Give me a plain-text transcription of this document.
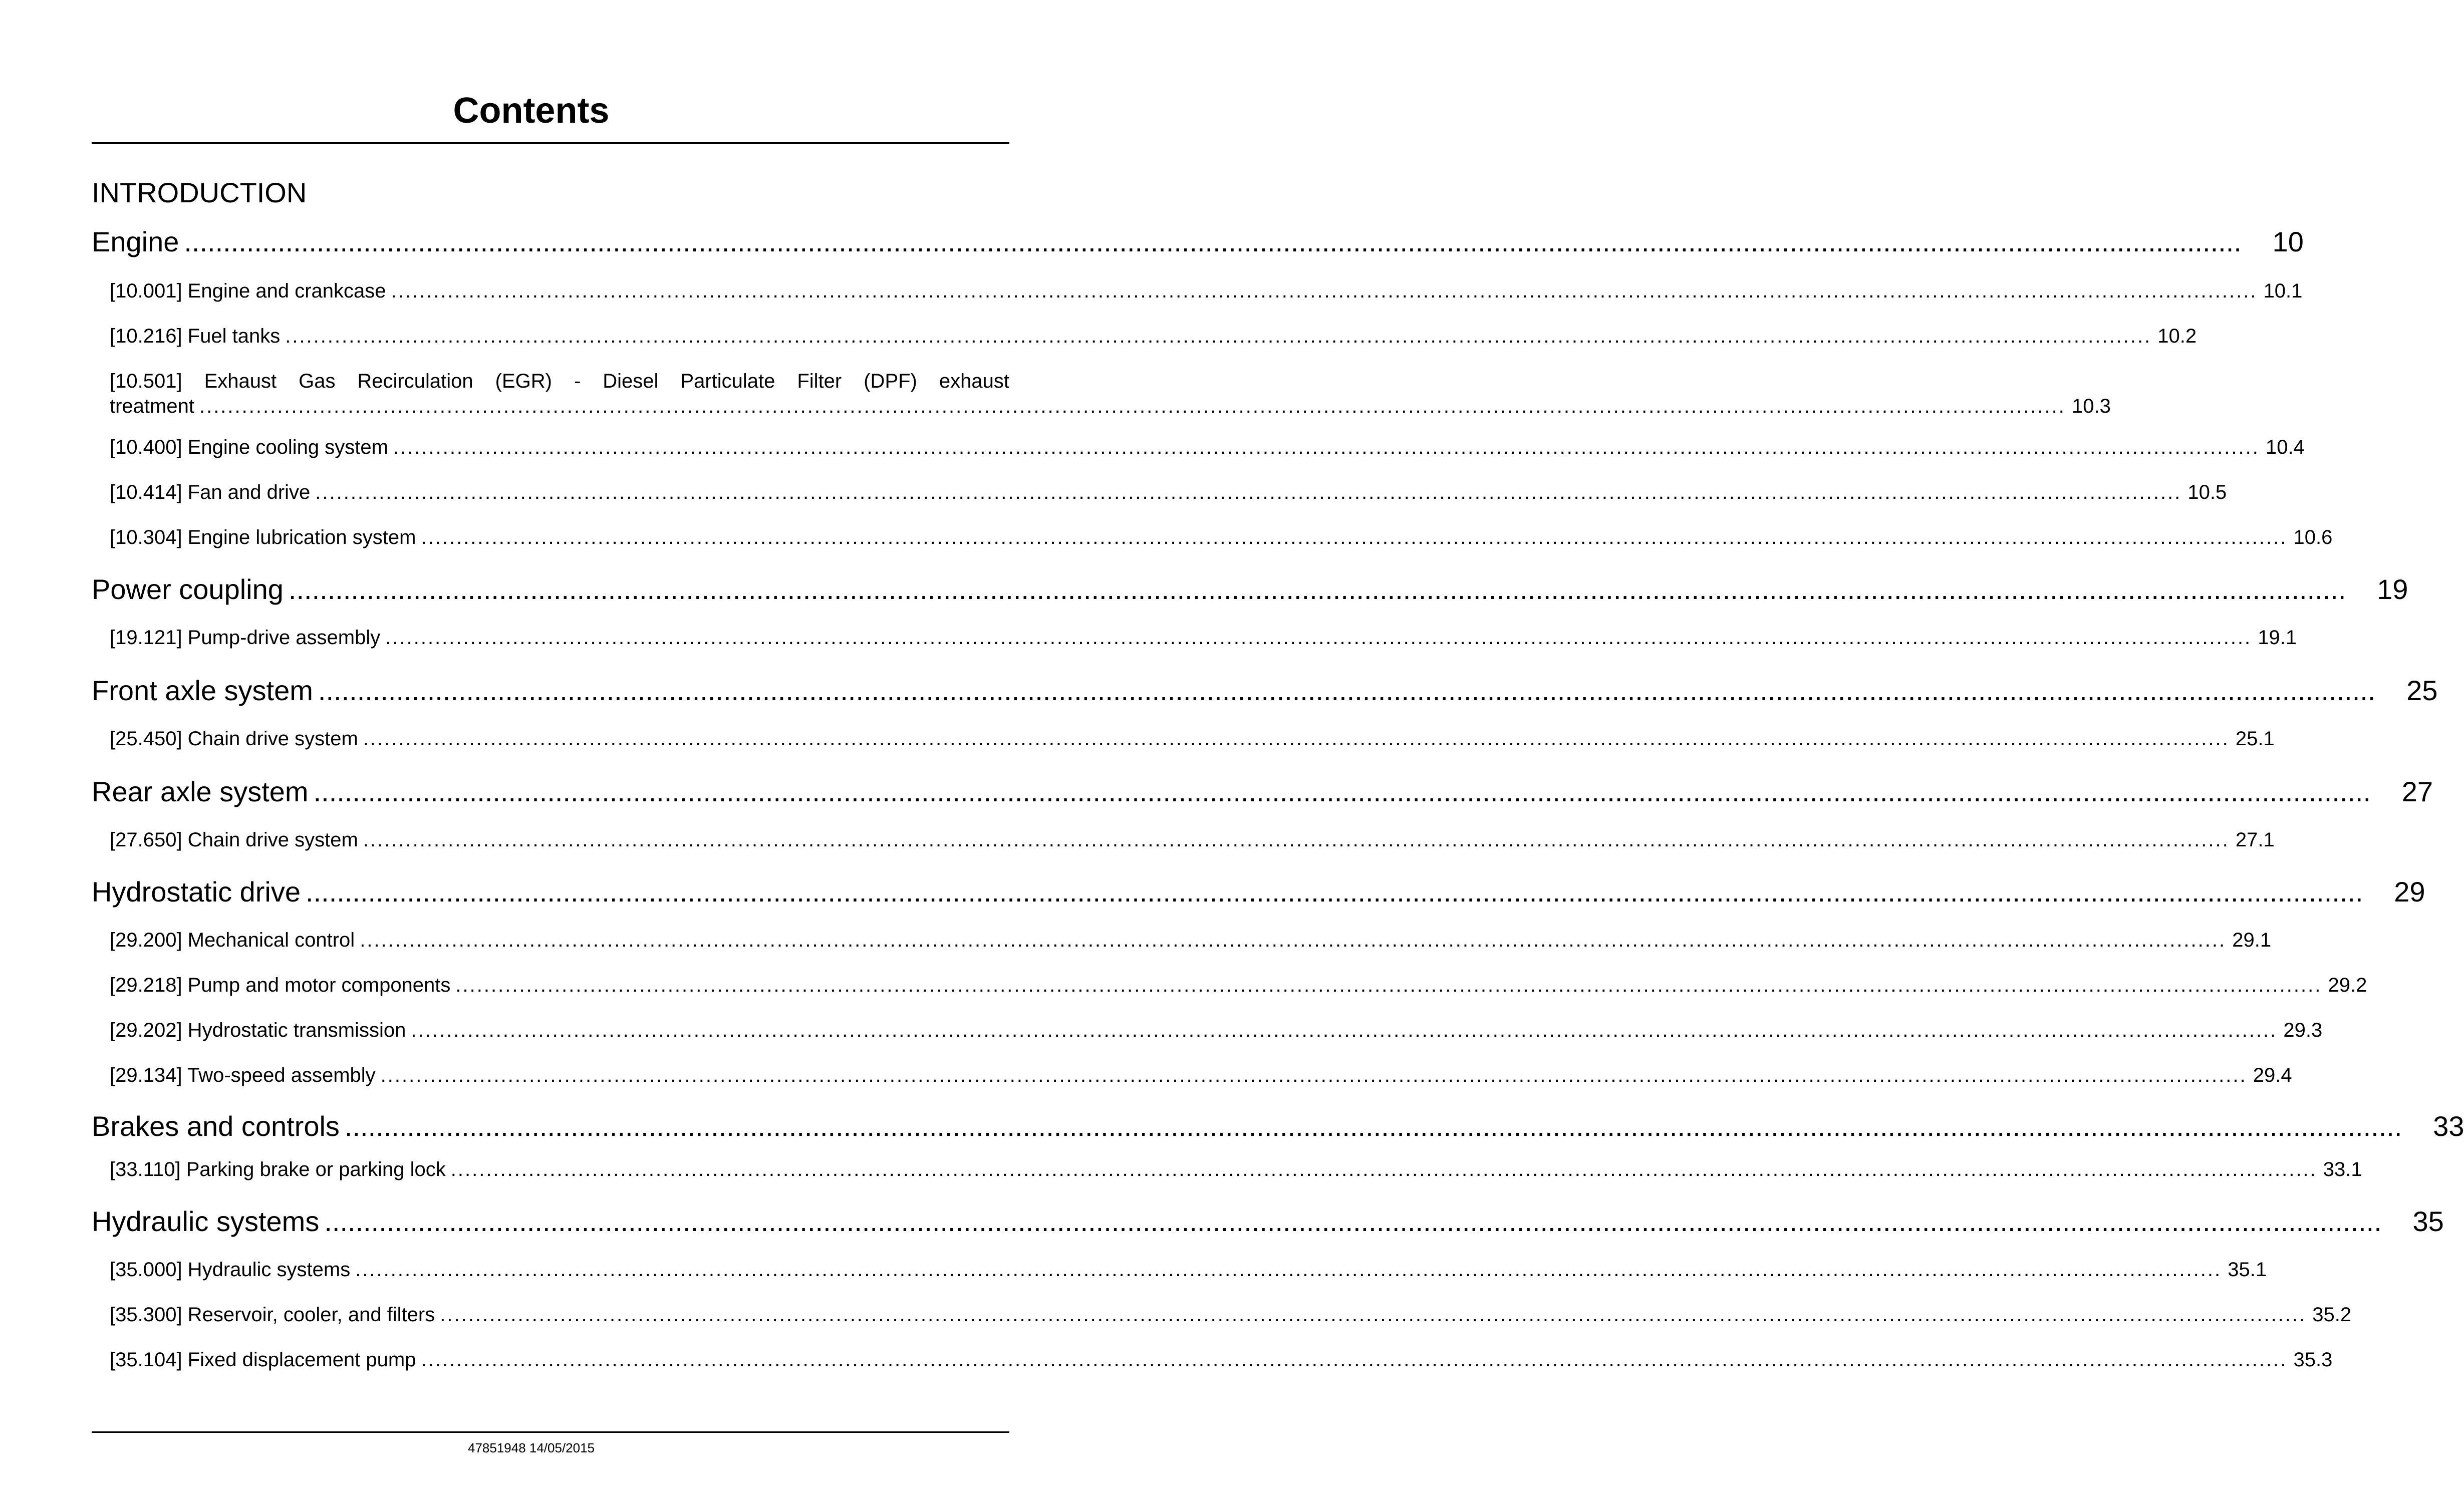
Contents
INTRODUCTION
Engine ........................................................................................................................................................................................................................................................................	10
[10.001] Engine and crankcase ........................................................................................................................................................................................................................................................................ 10.1
[10.216] Fuel tanks ........................................................................................................................................................................................................................................................................ 10.2
[10.501] Exhaust Gas Recirculation (EGR) - Diesel Particulate Filter (DPF) exhaust
treatment ........................................................................................................................................................................................................................................................................ 10.3
[10.400] Engine cooling system ........................................................................................................................................................................................................................................................................ 10.4
[10.414] Fan and drive ........................................................................................................................................................................................................................................................................ 10.5
[10.304] Engine lubrication system ........................................................................................................................................................................................................................................................................ 10.6
Power coupling ........................................................................................................................................................................................................................................................................	19
[19.121] Pump-drive assembly ........................................................................................................................................................................................................................................................................ 19.1
Front axle system ........................................................................................................................................................................................................................................................................	25
[25.450] Chain drive system ........................................................................................................................................................................................................................................................................ 25.1
Rear axle system ........................................................................................................................................................................................................................................................................	27
[27.650] Chain drive system ........................................................................................................................................................................................................................................................................ 27.1
Hydrostatic drive ........................................................................................................................................................................................................................................................................	29
[29.200] Mechanical control ........................................................................................................................................................................................................................................................................ 29.1
[29.218] Pump and motor components ........................................................................................................................................................................................................................................................................ 29.2
[29.202] Hydrostatic transmission ........................................................................................................................................................................................................................................................................ 29.3
[29.134] Two-speed assembly ........................................................................................................................................................................................................................................................................ 29.4
Brakes and controls ........................................................................................................................................................................................................................................................................	33
[33.110] Parking brake or parking lock ........................................................................................................................................................................................................................................................................ 33.1
Hydraulic systems ........................................................................................................................................................................................................................................................................	35
[35.000] Hydraulic systems ........................................................................................................................................................................................................................................................................ 35.1
[35.300] Reservoir, cooler, and filters ........................................................................................................................................................................................................................................................................ 35.2
[35.104] Fixed displacement pump ........................................................................................................................................................................................................................................................................ 35.3
47851948 14/05/2015
